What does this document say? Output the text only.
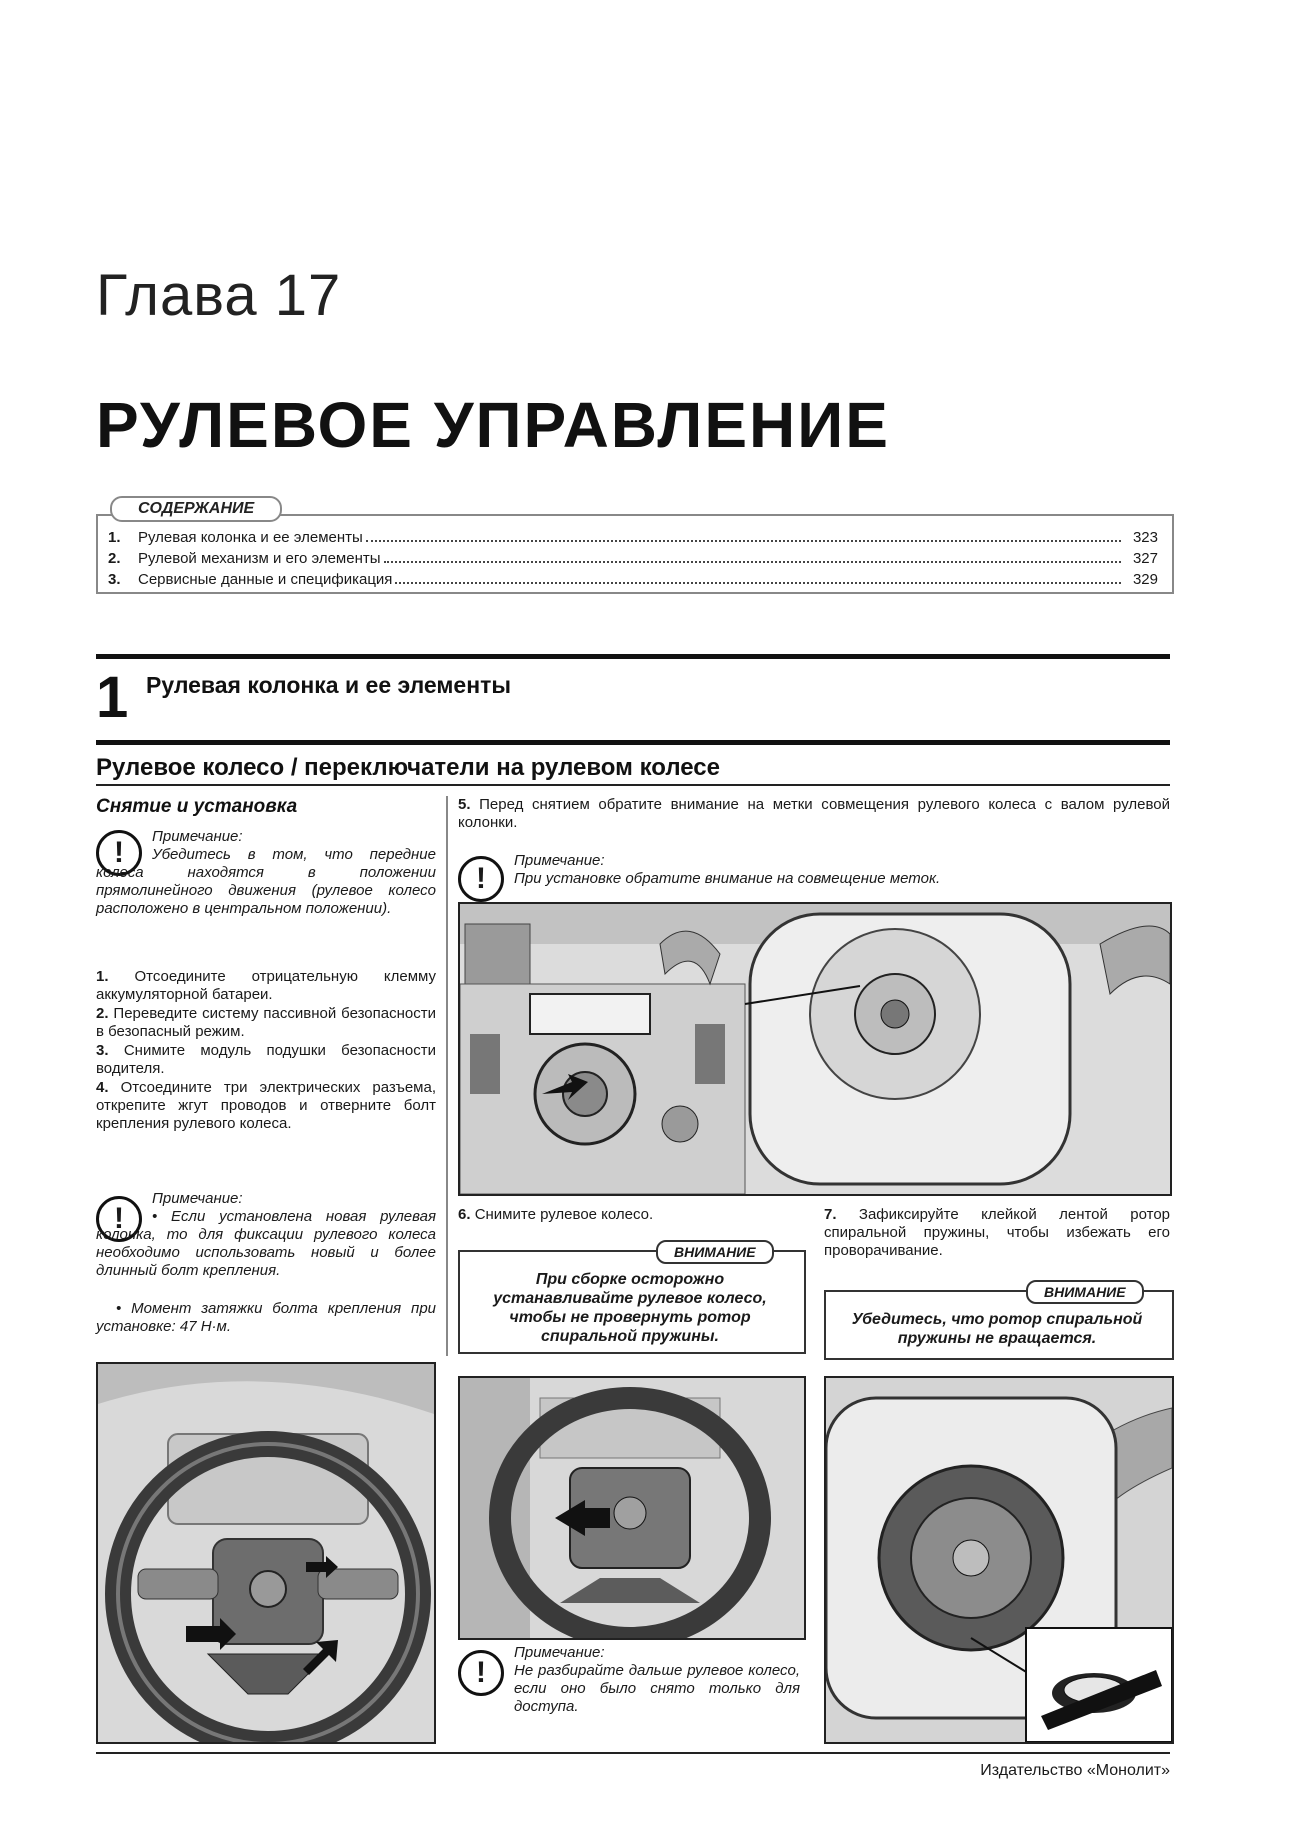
Глава 17
РУЛЕВОЕ УПРАВЛЕНИЕ
СОДЕРЖАНИЕ
1.	Рулевая колонка и ее элементы	323
2.	Рулевой механизм и его элементы	327
3.	Сервисные данные и спецификация	329
1 Рулевая колонка и ее элементы
Рулевое колесо / переключатели на рулевом колесе
Снятие и установка
!	Примечание:
Убедитесь в том, что передние колеса находятся в положении прямолинейного движения (рулевое колесо расположено в центральном положении).
1. Отсоедините отрицательную клемму аккумуляторной батареи.
2. Переведите систему пассивной безопасности в безопасный режим.
3. Снимите модуль подушки безопасности водителя.
4. Отсоедините три электрических разъема, открепите жгут проводов и отверните болт крепления рулевого колеса.
!
Примечание:
• Если установлена новая рулевая колонка, то для фиксации рулевого колеса необходимо использовать новый и более длинный болт крепления.
• Момент затяжки болта крепления при установке: 47 Н·м.
5. Перед снятием обратите внимание на метки совмещения рулевого колеса с валом рулевой колонки.
!
Примечание:
При установке обратите внимание на совмещение меток.
6. Снимите рулевое колесо.
ВНИМАНИЕ
При сборке осторожно устанавливайте рулевое колесо, чтобы не провернуть ротор спиральной пружины.
7. Зафиксируйте клейкой лентой ротор спиральной пружины, чтобы избежать его проворачивание.
ВНИМАНИЕ
Убедитесь, что ротор спиральной пружины не вращается.
!
Примечание:
Не разбирайте дальше рулевое колесо, если оно было снято только для доступа.
Издательство «Монолит»
